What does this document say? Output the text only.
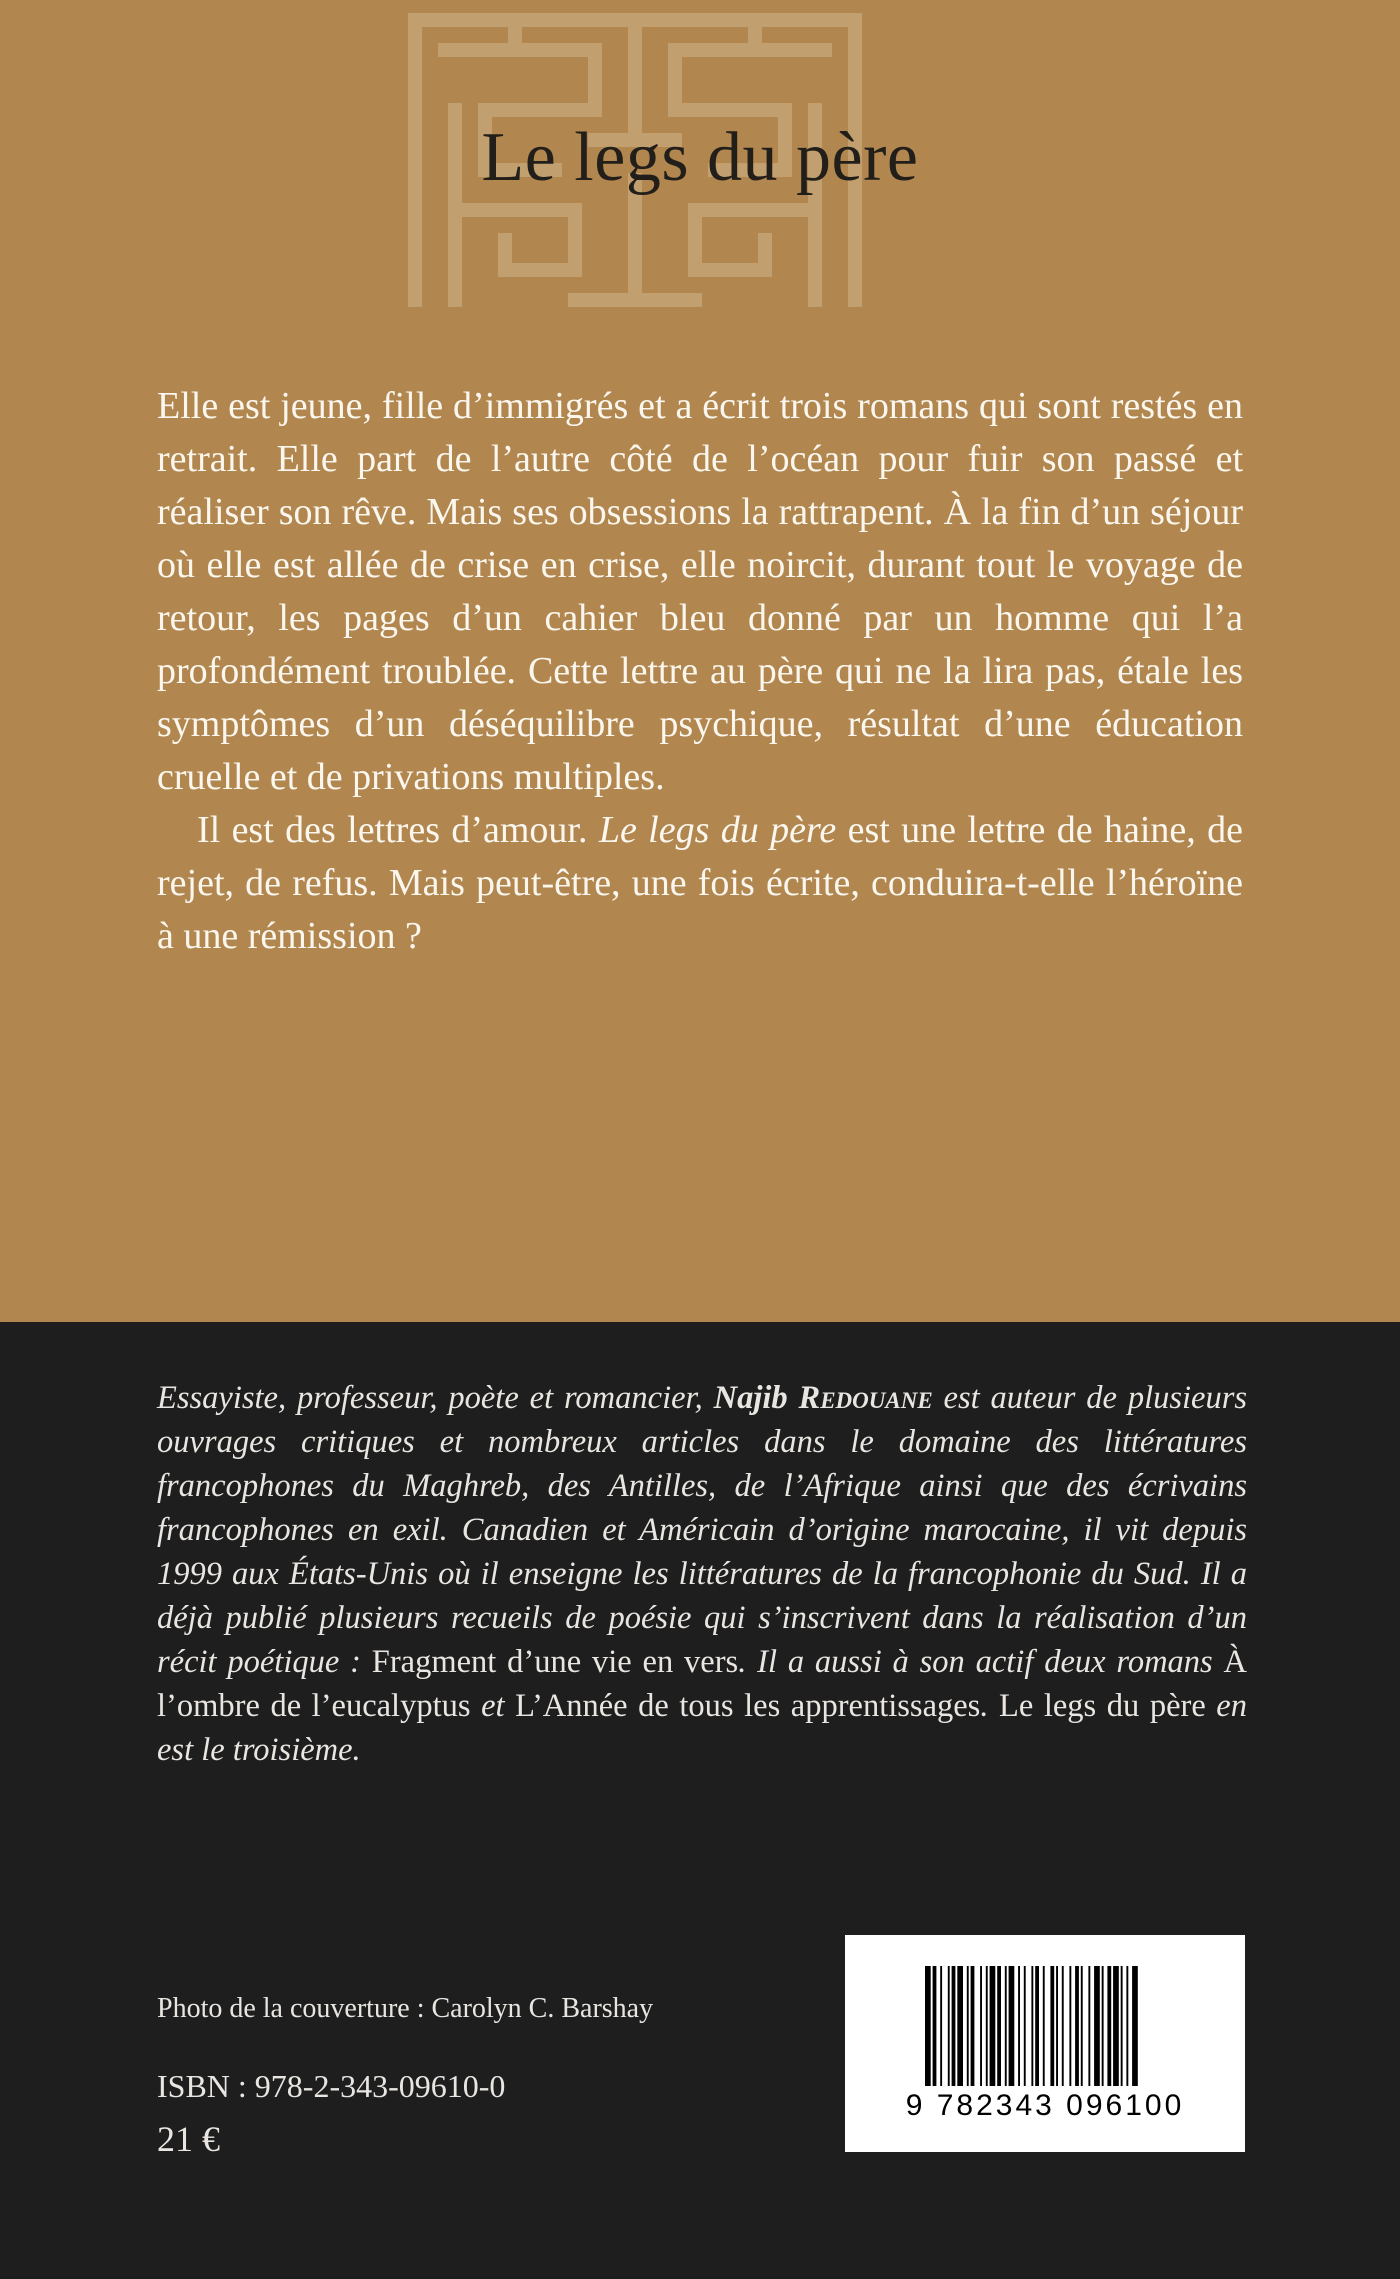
Le legs du père

Elle est jeune, fille d’immigrés et a écrit trois romans qui sont restés en retrait. Elle part de l’autre côté de l’océan pour fuir son passé et réaliser son rêve. Mais ses obsessions la rattrapent. À la fin d’un séjour où elle est allée de crise en crise, elle noircit, durant tout le voyage de retour, les pages d’un cahier bleu donné par un homme qui l’a profondément troublée. Cette lettre au père qui ne la lira pas, étale les symptômes d’un déséquilibre psychique, résultat d’une éducation cruelle et de privations multiples.

Il est des lettres d’amour. Le legs du père est une lettre de haine, de rejet, de refus. Mais peut-être, une fois écrite, conduira-t-elle l’héroïne à une rémission ?

Essayiste, professeur, poète et romancier, Najib Redouane est auteur de plusieurs ouvrages critiques et nombreux articles dans le domaine des littératures francophones du Maghreb, des Antilles, de l’Afrique ainsi que des écrivains francophones en exil. Canadien et Américain d’origine marocaine, il vit depuis 1999 aux États-Unis où il enseigne les littératures de la francophonie du Sud. Il a déjà publié plusieurs recueils de poésie qui s’inscrivent dans la réalisation d’un récit poétique : Fragment d’une vie en vers. Il a aussi à son actif deux romans À l’ombre de l’eucalyptus et L’Année de tous les apprentissages. Le legs du père en est le troisième.

Photo de la couverture : Carolyn C. Barshay
ISBN : 978-2-343-09610-0
21 €
9 782343 096100
